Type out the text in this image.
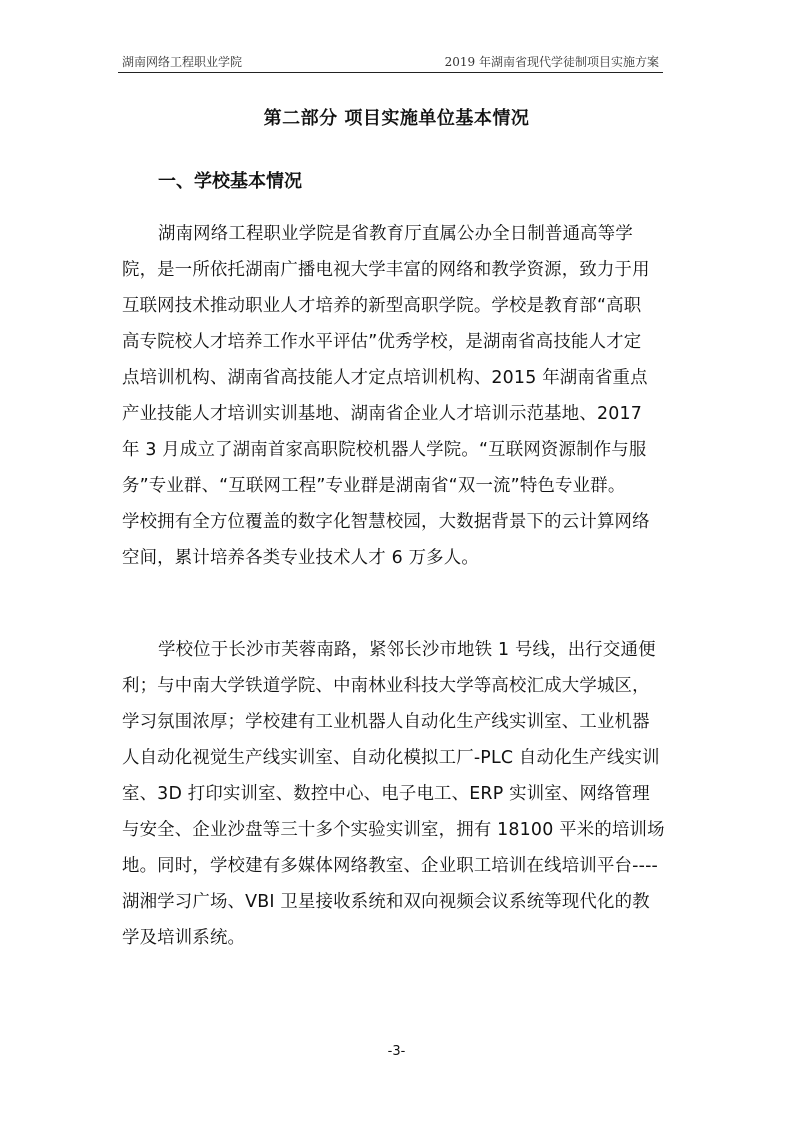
湖南网络工程职业学院	2019 年湖南省现代学徒制项目实施方案
第二部分 项目实施单位基本情况
一、学校基本情况
湖南网络工程职业学院是省教育厅直属公办全日制普通高等学
院，是一所依托湖南广播电视大学丰富的网络和教学资源，致力于用
互联网技术推动职业人才培养的新型高职学院。学校是教育部“高职
高专院校人才培养工作水平评估”优秀学校，是湖南省高技能人才定
点培训机构、湖南省高技能人才定点培训机构、2015 年湖南省重点
产业技能人才培训实训基地、湖南省企业人才培训示范基地、2017
年 3 月成立了湖南首家高职院校机器人学院。“互联网资源制作与服
务”专业群、“互联网工程”专业群是湖南省“双一流”特色专业群。
学校拥有全方位覆盖的数字化智慧校园，大数据背景下的云计算网络
空间，累计培养各类专业技术人才 6 万多人。
学校位于长沙市芙蓉南路，紧邻长沙市地铁 1 号线，出行交通便
利；与中南大学铁道学院、中南林业科技大学等高校汇成大学城区，
学习氛围浓厚；学校建有工业机器人自动化生产线实训室、工业机器
人自动化视觉生产线实训室、自动化模拟工厂-PLC 自动化生产线实训
室、3D 打印实训室、数控中心、电子电工、ERP 实训室、网络管理
与安全、企业沙盘等三十多个实验实训室，拥有 18100 平米的培训场
地。同时，学校建有多媒体网络教室、企业职工培训在线培训平台----
湖湘学习广场、VBI 卫星接收系统和双向视频会议系统等现代化的教
学及培训系统。
-3-
